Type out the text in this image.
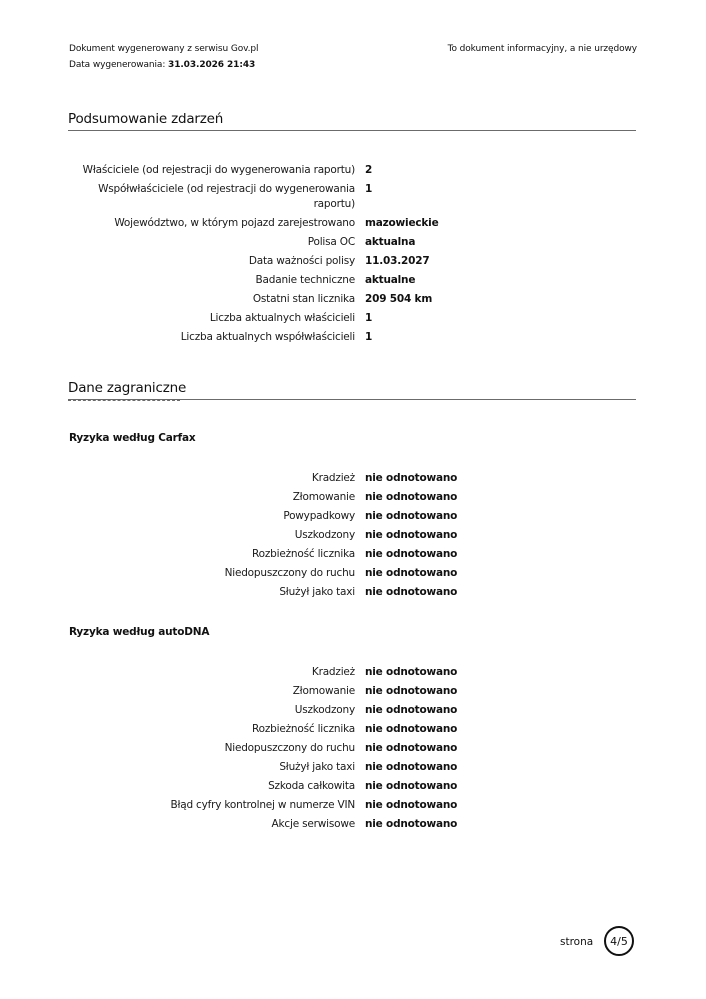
Dokument wygenerowany z serwisu Gov.pl
Data wygenerowania: 31.03.2026 21:43
To dokument informacyjny, a nie urzędowy
Podsumowanie zdarzeń
Właściciele (od rejestracji do wygenerowania raportu) 2
Współwłaściciele (od rejestracji do wygenerowania raportu)
1
Województwo, w którym pojazd zarejestrowano mazowieckie
Polisa OC aktualna
Data ważności polisy 11.03.2027
Badanie techniczne aktualne
Ostatni stan licznika 209 504 km
Liczba aktualnych właścicieli 1
Liczba aktualnych współwłaścicieli 1
Dane zagraniczne
Ryzyka według Carfax
Kradzież nie odnotowano
Złomowanie nie odnotowano
Powypadkowy nie odnotowano
Uszkodzony nie odnotowano
Rozbieżność licznika nie odnotowano
Niedopuszczony do ruchu nie odnotowano
Służył jako taxi nie odnotowano
Ryzyka według autoDNA
Kradzież nie odnotowano
Złomowanie nie odnotowano
Uszkodzony nie odnotowano
Rozbieżność licznika nie odnotowano
Niedopuszczony do ruchu nie odnotowano
Służył jako taxi nie odnotowano
Szkoda całkowita nie odnotowano
Błąd cyfry kontrolnej w numerze VIN nie odnotowano
Akcje serwisowe nie odnotowano
strona 4/5
